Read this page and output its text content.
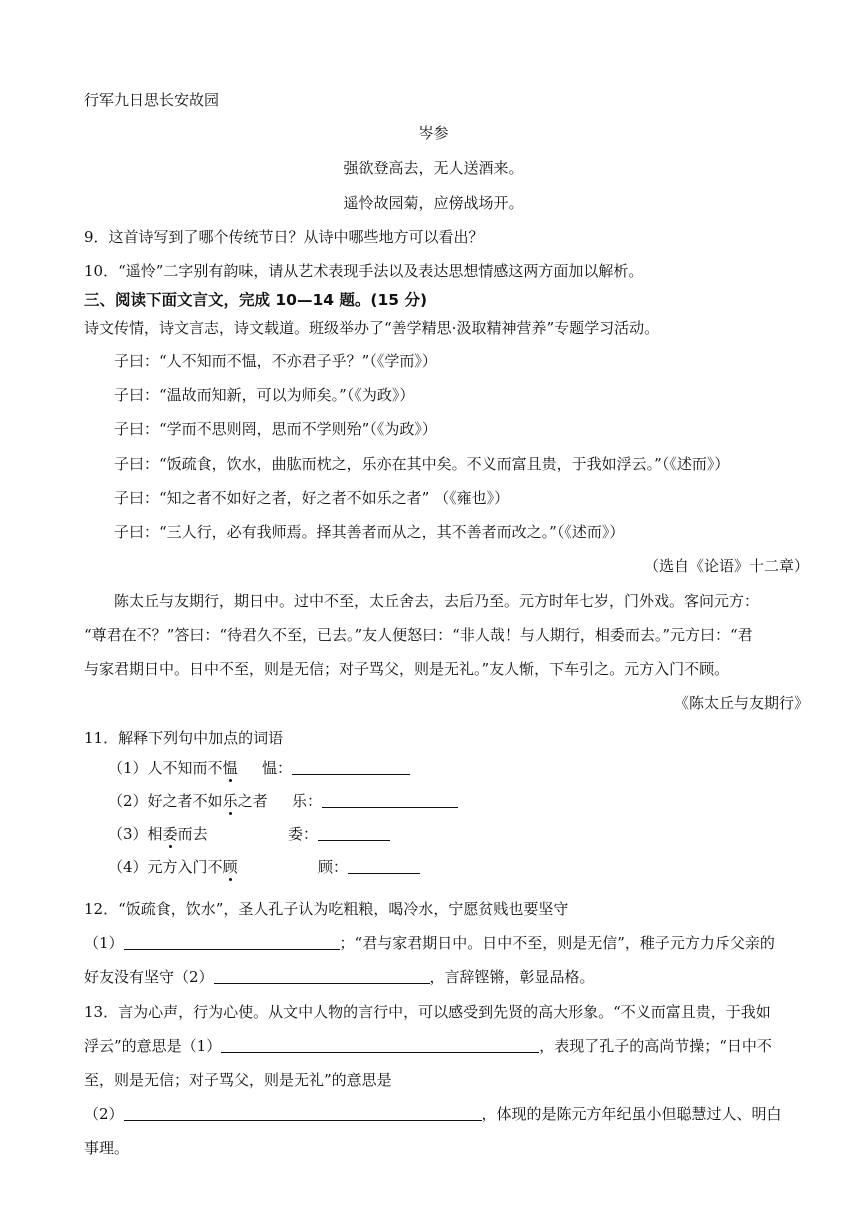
行军九日思长安故园
岑参
强欲登高去，无人送酒来。
遥怜故园菊，应傍战场开。
9．这首诗写到了哪个传统节日？从诗中哪些地方可以看出？
10．“遥怜”二字别有韵味，请从艺术表现手法以及表达思想情感这两方面加以解析。
三、阅读下面文言文，完成 10—14 题。(15 分)
诗文传情，诗文言志，诗文载道。班级举办了“善学精思·汲取精神营养”专题学习活动。
子曰：“人不知而不愠，不亦君子乎？”（《学而》）
子曰：“温故而知新，可以为师矣。”（《为政》）
子曰：“学而不思则罔，思而不学则殆”（《为政》）
子曰：“饭疏食，饮水，曲肱而枕之，乐亦在其中矣。不义而富且贵，于我如浮云。”（《述而》）
子曰：“知之者不如好之者，好之者不如乐之者” （《雍也》）
子曰：“三人行，必有我师焉。择其善者而从之，其不善者而改之。”（《述而》）
（选自《论语》十二章）
陈太丘与友期行，期日中。过中不至，太丘舍去，去后乃至。元方时年七岁，门外戏。客问元方：
“尊君在不？”答曰：“待君久不至，已去。”友人便怒曰：“非人哉！与人期行，相委而去。”元方曰：“君
与家君期日中。日中不至，则是无信；对子骂父，则是无礼。”友人惭，下车引之。元方入门不顾。
《陈太丘与友期行》
11．解释下列句中加点的词语
（1）人不知而不愠 愠：
（2）好之者不如乐之者 乐：
（3）相委而去	委：
（4）元方入门不顾	顾：
12．“饭疏食，饮水”，圣人孔子认为吃粗粮，喝冷水，宁愿贫贱也要坚守
（1）	；“君与家君期日中。日中不至，则是无信”，稚子元方力斥父亲的
好友没有坚守（2）	，言辞铿锵，彰显品格。
13．言为心声，行为心使。从文中人物的言行中，可以感受到先贤的高大形象。“不义而富且贵，于我如
浮云”的意思是（1）	，表现了孔子的高尚节操；“日中不
至，则是无信；对子骂父，则是无礼”的意思是
（2）	，体现的是陈元方年纪虽小但聪慧过人、明白
事理。
